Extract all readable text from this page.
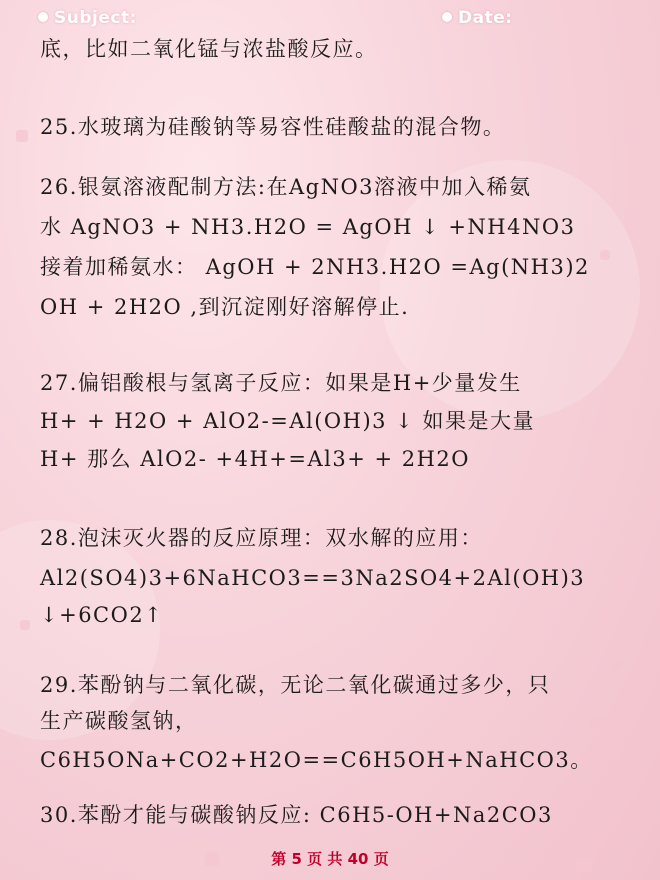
Subject:	Date:
底，比如二氧化锰与浓盐酸反应。
25.水玻璃为硅酸钠等易容性硅酸盐的混合物。
26.银氨溶液配制方法:在AgNO3溶液中加入稀氨
水 AgNO3 + NH3.H2O = AgOH ↓ +NH4NO3
接着加稀氨水： AgOH + 2NH3.H2O =Ag(NH3)2
OH + 2H2O ,到沉淀刚好溶解停止.
27.偏铝酸根与氢离子反应：如果是H+少量发生
H+ + H2O + AlO2-=Al(OH)3 ↓ 如果是大量
H+ 那么 AlO2- +4H+=Al3+ + 2H2O
28.泡沫灭火器的反应原理：双水解的应用：
Al2(SO4)3+6NaHCO3==3Na2SO4+2Al(OH)3
↓+6CO2↑
29.苯酚钠与二氧化碳，无论二氧化碳通过多少，只
生产碳酸氢钠，
C6H5ONa+CO2+H2O==C6H5OH+NaHCO3。
30.苯酚才能与碳酸钠反应: C6H5-OH+Na2CO3
第 5 页 共 40 页
